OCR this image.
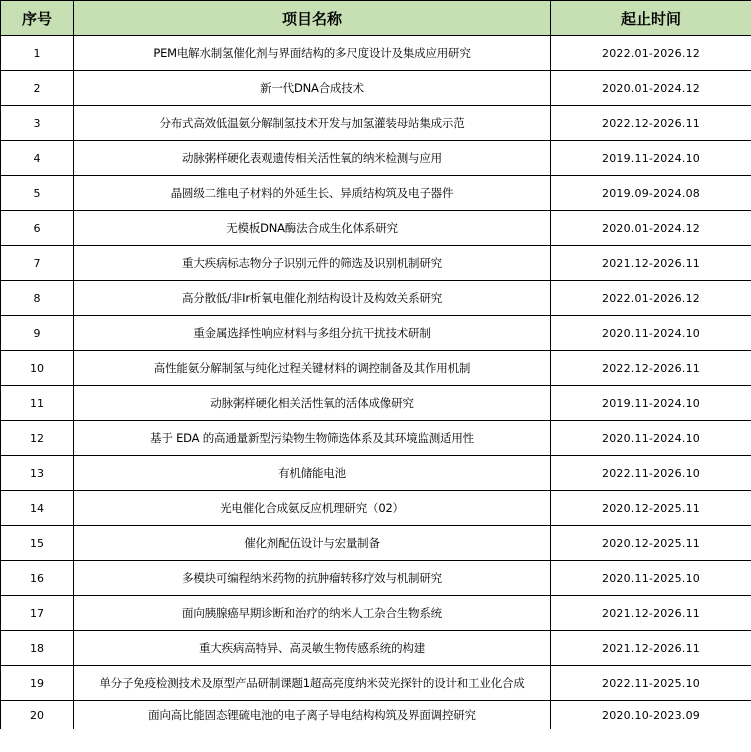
序号	项目名称	起止时间
1	PEM电解水制氢催化剂与界面结构的多尺度设计及集成应用研究	2022.01-2026.12
2	新一代DNA合成技术	2020.01-2024.12
3	分布式高效低温氨分解制氢技术开发与加氢灌装母站集成示范	2022.12-2026.11
4	动脉粥样硬化表观遗传相关活性氧的纳米检测与应用	2019.11-2024.10
5	晶圆级二维电子材料的外延生长、异质结构筑及电子器件	2019.09-2024.08
6	无模板DNA酶法合成生化体系研究	2020.01-2024.12
7	重大疾病标志物分子识别元件的筛选及识别机制研究	2021.12-2026.11
8	高分散低/非Ir析氧电催化剂结构设计及构效关系研究	2022.01-2026.12
9	重金属选择性响应材料与多组分抗干扰技术研制	2020.11-2024.10
10	高性能氨分解制氢与纯化过程关键材料的调控制备及其作用机制	2022.12-2026.11
11	动脉粥样硬化相关活性氧的活体成像研究	2019.11-2024.10
12	基于 EDA 的高通量新型污染物生物筛选体系及其环境监测适用性	2020.11-2024.10
13	有机储能电池	2022.11-2026.10
14	光电催化合成氨反应机理研究（02）	2020.12-2025.11
15	催化剂配伍设计与宏量制备	2020.12-2025.11
16	多模块可编程纳米药物的抗肿瘤转移疗效与机制研究	2020.11-2025.10
17	面向胰腺癌早期诊断和治疗的纳米人工杂合生物系统	2021.12-2026.11
18	重大疾病高特异、高灵敏生物传感系统的构建	2021.12-2026.11
19	单分子免疫检测技术及原型产品研制课题1超高亮度纳米荧光探针的设计和工业化合成	2022.11-2025.10
20	面向高比能固态锂硫电池的电子离子导电结构构筑及界面调控研究	2020.10-2023.09
